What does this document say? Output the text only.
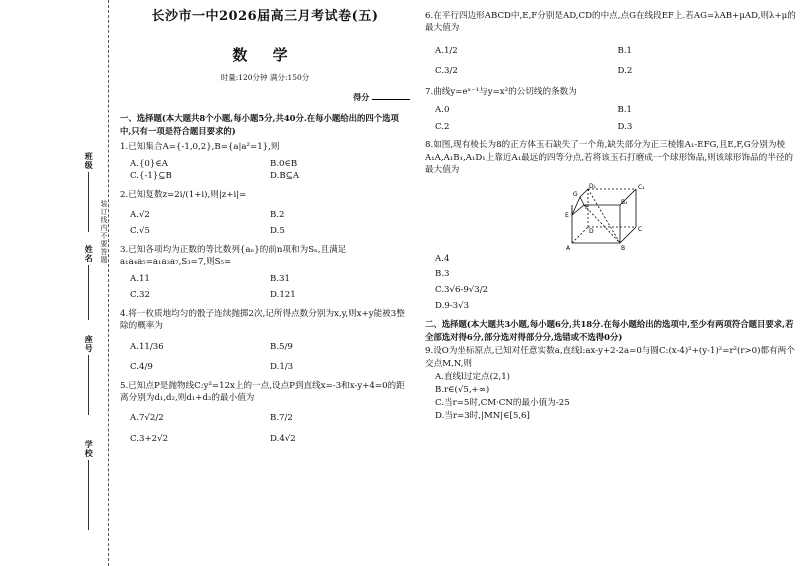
班级
姓名
座号
学校
装订线内不要答题
长沙市一中2026届高三月考试卷(五)
数 学
时量:120分钟 满分:150分
得分
一、选择题(本大题共8个小题,每小题5分,共40分.在每小题给出的四个选项中,只有一项是符合题目要求的)
1.已知集合A={-1,0,2},B={a|a²=1},则
A.{0}∈A	B.0∈B
C.{-1}⊆B	D.B⊆A
2.已知复数z=2i/(1+i),则|z+i|=
A.√2	B.2
C.√5	D.5
3.已知各项均为正数的等比数列{aₙ}的前n项和为Sₙ,且满足a₁a₄a₅=a₁a₃a₇,S₃=7,则S₅=
A.11	B.31
C.32	D.121
4.将一枚质地均匀的骰子连续抛掷2次,记所得点数分别为x,y,则x+y能被3整除的概率为
A.11/36	B.5/9
C.4/9	D.1/3
5.已知点P是抛物线C:y²=12x上的一点,设点P到直线x=-3和x-y+4=0的距离分别为d₁,d₂,则d₁+d₂的最小值为
A.7√2/2	B.7/2
C.3+2√2	D.4√2
6.在平行四边形ABCD中,E,F分别是AD,CD的中点,点G在线段EF上.若AG=λAB+μAD,则λ+μ的最大值为
A.1/2	B.1
C.3/2	D.2
7.曲线y=eˣ⁻¹与y=x²的公切线的条数为
A.0	B.1
C.2	D.3
8.如图,现有棱长为8的正方体玉石缺失了一个角,缺失部分为正三棱锥A₁-EFG,且E,F,G分别为棱A₁A,A₁B₁,A₁D₁上靠近A₁最远的四等分点,若将该玉石打磨成一个球形饰品,则该球形饰品的半径的最大值为
D₁	C₁
G
B₁
F
E
A	B
C
D
A.4
B.3
C.3√6-9√3/2
D.9-3√3
二、选择题(本大题共3小题,每小题6分,共18分.在每小题给出的选项中,至少有两项符合题目要求,若全部选对得6分,部分选对得部分分,选错或不选得0分)
9.设O为坐标原点,已知对任意实数a,直线l:ax-y+2-2a=0与圆C:(x-4)²+(y-1)²=r²(r>0)都有两个交点M,N,则
A.直线l过定点(2,1)
B.r∈(√5,+∞)
C.当r=5时,CM·CN的最小值为-25
D.当r=3时,|MN|∈[5,6]
